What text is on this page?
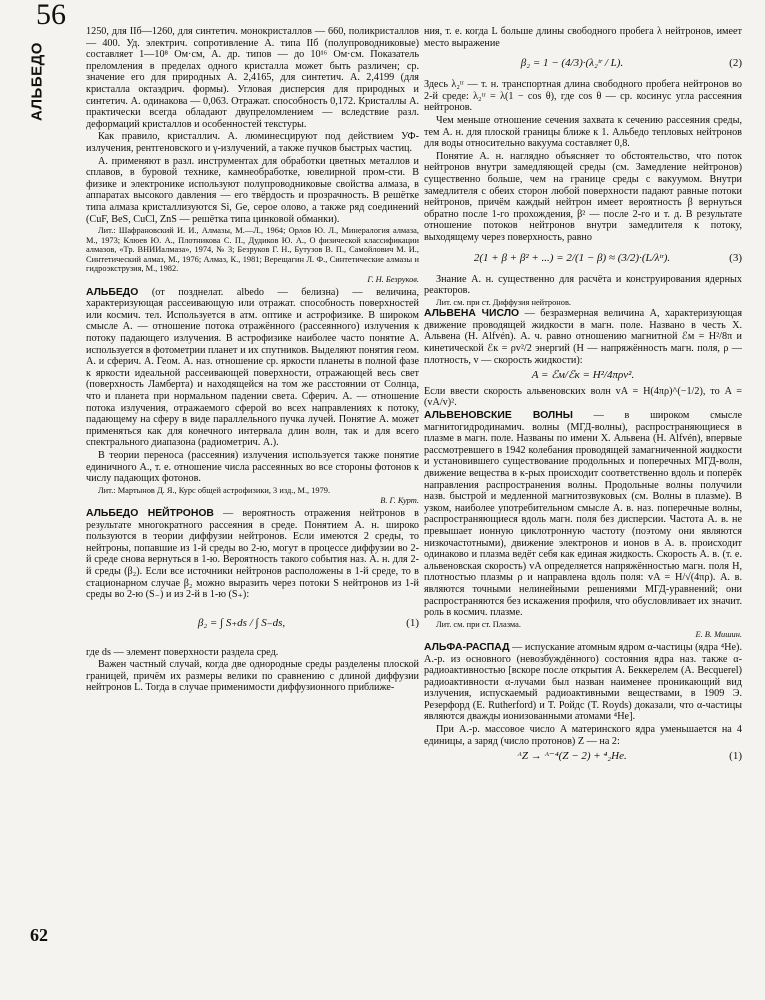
56
АЛЬБЕДО
62

1250, для IIб—1260, для синтетич. монокристаллов — 660, поликристаллов — 400. Уд. электрич. сопротивление А. типа IIб (полупроводниковые) составляет 1—10⁸ Ом·см, А. др. типов — до 10¹⁶ Ом·см. Показатель преломления в пределах одного кристалла может быть различен; ср. значение его для природных А. 2,4165, для синтетич. А. 2,4199 (для кристалла октаэдрич. формы). Угловая дисперсия для природных и синтетич. А. одинакова — 0,063. Отражат. способность 0,172. Кристаллы А. практически всегда обладают двупреломлением — вследствие разл. деформаций кристаллов и особенностей текстуры.

Как правило, кристаллич. А. люминесцируют под действием УФ-излучения, рентгеновского и γ-излучений, а также пучков быстрых частиц.

А. применяют в разл. инструментах для обработки цветных металлов и сплавов, в буровой технике, камнеобработке, ювелирной пром-сти. В физике и электронике используют полупроводниковые свойства алмаза, в аппаратах высокого давления — его твёрдость и прозрачность. В решётке типа алмаза кристаллизуются Si, Ge, серое олово, а также ряд соединений (CuF, BeS, CuCl, ZnS — решётка типа цинковой обманки).

Лит.: Шафрановский И. И., Алмазы, М.—Л., 1964; Орлов Ю. Л., Минералогия алмаза, М., 1973; Клюев Ю. А., Плотникова С. П., Дудиков Ю. А., О физической классификации алмазов, «Тр. ВНИИалмаза», 1974, № 3; Безруков Г. Н., Бутузов В. П., Самойлович М. И., Синтетический алмаз, М., 1976; Алмаз, К., 1981; Верещагин Л. Ф., Синтетические алмазы и гидроэкструзия, М., 1982.

Г. Н. Безруков.

АЛЬБЕДО (от позднелат. albedo — белизна) — величина, характеризующая рассеивающую или отражат. способность поверхностей или космич. тел. Используется в атм. оптике и астрофизике. В широком смысле А. — отношение потока отражённого (рассеянного) излучения к потоку падающего излучения. В астрофизике наиболее часто понятие А. используется в фотометрии планет и их спутников. Выделяют понятия геом. А. и сферич. А. Геом. А. наз. отношение ср. яркости планеты в полной фазе к яркости идеальной рассеивающей поверхности, отражающей весь свет (поверхность Ламберта) и находящейся на том же расстоянии от Солнца, что и планета при нормальном падении света. Сферич. А. — отношение потока излучения, отражаемого сферой во всех направлениях к потоку, падающему на сферу в виде параллельного пучка лучей. Понятие А. может применяться как для конечного интервала длин волн, так и для всего спектрального диапазона (радиометрич. А.).

В теории переноса (рассеяния) излучения используется также понятие единичного А., т. е. отношение числа рассеянных во все стороны фотонов к числу падающих фотонов.

Лит.: Мартынов Д. Я., Курс общей астрофизики, 3 изд., М., 1979.

В. Г. Курт.

АЛЬБЕДО НЕЙТРОНОВ — вероятность отражения нейтронов в результате многократного рассеяния в среде. Понятием А. н. широко пользуются в теории диффузии нейтронов. Если имеются 2 среды, то нейтроны, попавшие из 1-й среды во 2-ю, могут в процессе диффузии во 2-й среде снова вернуться в 1-ю. Вероятность такого события наз. А. н. для 2-й среды (β₂). Если все источники нейтронов расположены в 1-й среде, то в стационарном случае β₂ можно выразить через потоки S нейтронов из 1-й среды во 2-ю (S₋) и из 2-й в 1-ю (S₊):

β₂ = ∫ S₊ds / ∫ S₋ds,	(1)

где ds — элемент поверхности раздела сред.

Важен частный случай, когда две однородные среды разделены плоской границей, причём их размеры велики по сравнению с длиной диффузии нейтронов L. Тогда в случае применимости диффузионного приближе-

ния, т. е. когда L больше длины свободного пробега λ нейтронов, имеет место выражение

β₂ = 1 − (4/3)·(λ₂ᵗʳ / L).	(2)

Здесь λ₂ᵗʳ — т. н. транспортная длина свободного пробега нейтронов во 2-й среде: λ₂ᵗʳ = λ(1 − cos θ), где cos θ — ср. косинус угла рассеяния нейтронов.

Чем меньше отношение сечения захвата к сечению рассеяния среды, тем А. н. для плоской границы ближе к 1. Альбедо тепловых нейтронов для воды относительно вакуума составляет 0,8.

Понятие А. н. наглядно объясняет то обстоятельство, что поток нейтронов внутри замедляющей среды (см. Замедление нейтронов) существенно больше, чем на границе среды с вакуумом. Внутри замедлителя с обеих сторон любой поверхности падают равные потоки нейтронов, причём каждый нейтрон имеет вероятность β вернуться обратно после 1-го прохождения, β² — после 2-го и т. д. В результате отношение потоков нейтронов внутри замедлителя к потоку, выходящему через поверхность, равно

2(1 + β + β² + ...) = 2/(1 − β) ≈ (3/2)·(L/λᵗʳ).	(3)

Знание А. н. существенно для расчёта и конструирования ядерных реакторов.

Лит. см. при ст. Диффузия нейтронов.

АЛЬВЕНА ЧИСЛО — безразмерная величина A, характеризующая движение проводящей жидкости в магн. поле. Названо в честь Х. Альвена (H. Alfvén). А. ч. равно отношению магнитной ℰм = H²/8π и кинетической ℰк = ρv²/2 энергий (H — напряжённость магн. поля, ρ — плотность, v — скорость жидкости):

A = ℰм/ℰк = H²/4πρv².

Если ввести скорость альвеновских волн vA = H(4πρ)^(−1/2), то A = (vA/v)².

АЛЬВЕНОВСКИЕ ВОЛНЫ — в широком смысле магнитогидродинамич. волны (МГД-волны), распространяющиеся в плазме в магн. поле. Названы по имени Х. Альвена (H. Alfvén), впервые рассмотревшего в 1942 колебания проводящей замагниченной жидкости и установившего существование продольных и поперечных МГД-волн, движение вещества в к-рых происходит соответственно вдоль и поперёк направления распространения волны. Продольные волны получили назв. быстрой и медленной магнитозвуковых (см. Волны в плазме). В узком, наиболее употребительном смысле А. в. наз. поперечные волны, распространяющиеся вдоль магн. поля без дисперсии. Частота А. в. не превышает ионную циклотронную частоту (поэтому они являются низкочастотными), движение электронов и ионов в А. в. происходит одинаково и плазма ведёт себя как единая жидкость. Скорость А. в. (т. е. альвеновская скорость) vA определяется напряжённостью магн. поля H, плотностью плазмы ρ и направлена вдоль поля: vA = H/√(4πρ). А. в. являются точными нелинейными решениями МГД-уравнений; они распространяются без искажения профиля, что обусловливает их значит. роль в космич. плазме.

Лит. см. при ст. Плазма.

Е. В. Мишин.

АЛЬФА-РАСПАД — испускание атомным ядром α-частицы (ядра ⁴He). А.-р. из основного (невозбуждённого) состояния ядра наз. также α-радиоактивностью [вскоре после открытия А. Беккерелем (A. Becquerel) радиоактивности α-лучами был назван наименее проникающий вид излучения, испускаемый радиоактивными веществами, в 1909 Э. Резерфорд (E. Rutherford) и Т. Ройдс (T. Royds) доказали, что α-частицы являются дважды ионизованными атомами ⁴He].

При А.-р. массовое число A материнского ядра уменьшается на 4 единицы, а заряд (число протонов) Z — на 2:

ᴬZ → ᴬ⁻⁴(Z − 2) + ⁴₂He.	(1)
